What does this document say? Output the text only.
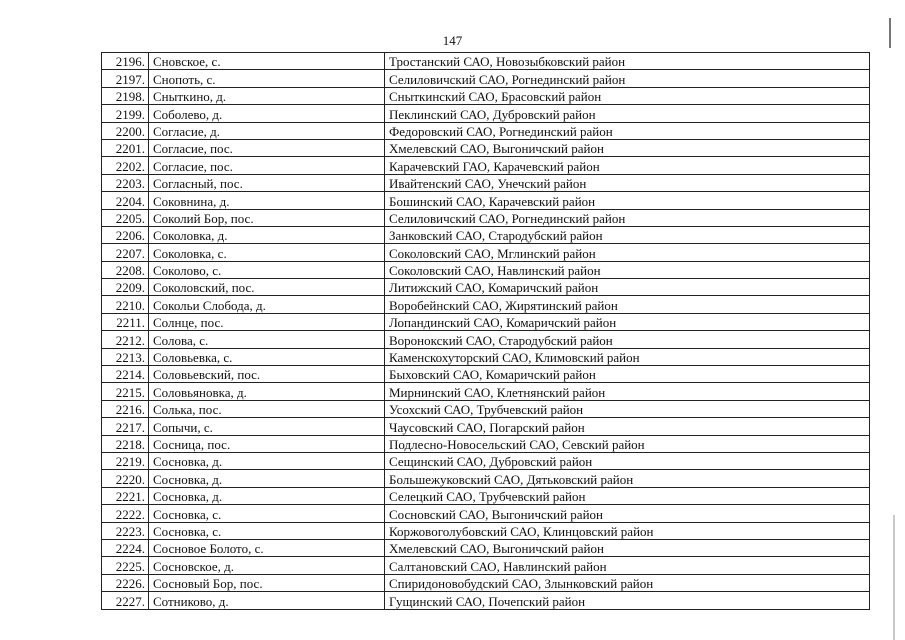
147
2196.	Сновское, с.	Тростанский САО, Новозыбковский район
2197.	Снопоть, с.	Селиловичский САО, Рогнединский район
2198.	Сныткино, д.	Сныткинский САО, Брасовский район
2199.	Соболево, д.	Пеклинский САО, Дубровский район
2200.	Согласие, д.	Федоровский САО, Рогнединский район
2201.	Согласие, пос.	Хмелевский САО, Выгоничский район
2202.	Согласие, пос.	Карачевский ГАО, Карачевский район
2203.	Согласный, пос.	Ивайтенский САО, Унечский район
2204.	Соковнина, д.	Бошинский САО, Карачевский район
2205.	Соколий Бор, пос.	Селиловичский САО, Рогнединский район
2206.	Соколовка, д.	Занковский САО, Стародубский район
2207.	Соколовка, с.	Соколовский САО, Мглинский район
2208.	Соколово, с.	Соколовский САО, Навлинский район
2209.	Соколовский, пос.	Литижский САО, Комаричский район
2210.	Сокольи Слобода, д.	Воробейнский САО, Жирятинский район
2211.	Солнце, пос.	Лопандинский САО, Комаричский район
2212.	Солова, с.	Воронокский САО, Стародубский район
2213.	Соловьевка, с.	Каменскохуторский САО, Климовский район
2214.	Соловьевский, пос.	Быховский САО, Комаричский район
2215.	Соловьяновка, д.	Мирнинский САО, Клетнянский район
2216.	Солька, пос.	Усохский САО, Трубчевский район
2217.	Сопычи, с.	Чаусовский САО, Погарский район
2218.	Сосница, пос.	Подлесно-Новосельский САО, Севский район
2219.	Сосновка, д.	Сещинский САО, Дубровский район
2220.	Сосновка, д.	Большежуковский САО, Дятьковский район
2221.	Сосновка, д.	Селецкий САО, Трубчевский район
2222.	Сосновка, с.	Сосновский САО, Выгоничский район
2223.	Сосновка, с.	Коржовоголубовский САО, Клинцовский район
2224.	Сосновое Болото, с.	Хмелевский САО, Выгоничский район
2225.	Сосновское, д.	Салтановский САО, Навлинский район
2226.	Сосновый Бор, пос.	Спиридоновобудский САО, Злынковский район
2227.	Сотниково, д.	Гущинский САО, Почепский район
